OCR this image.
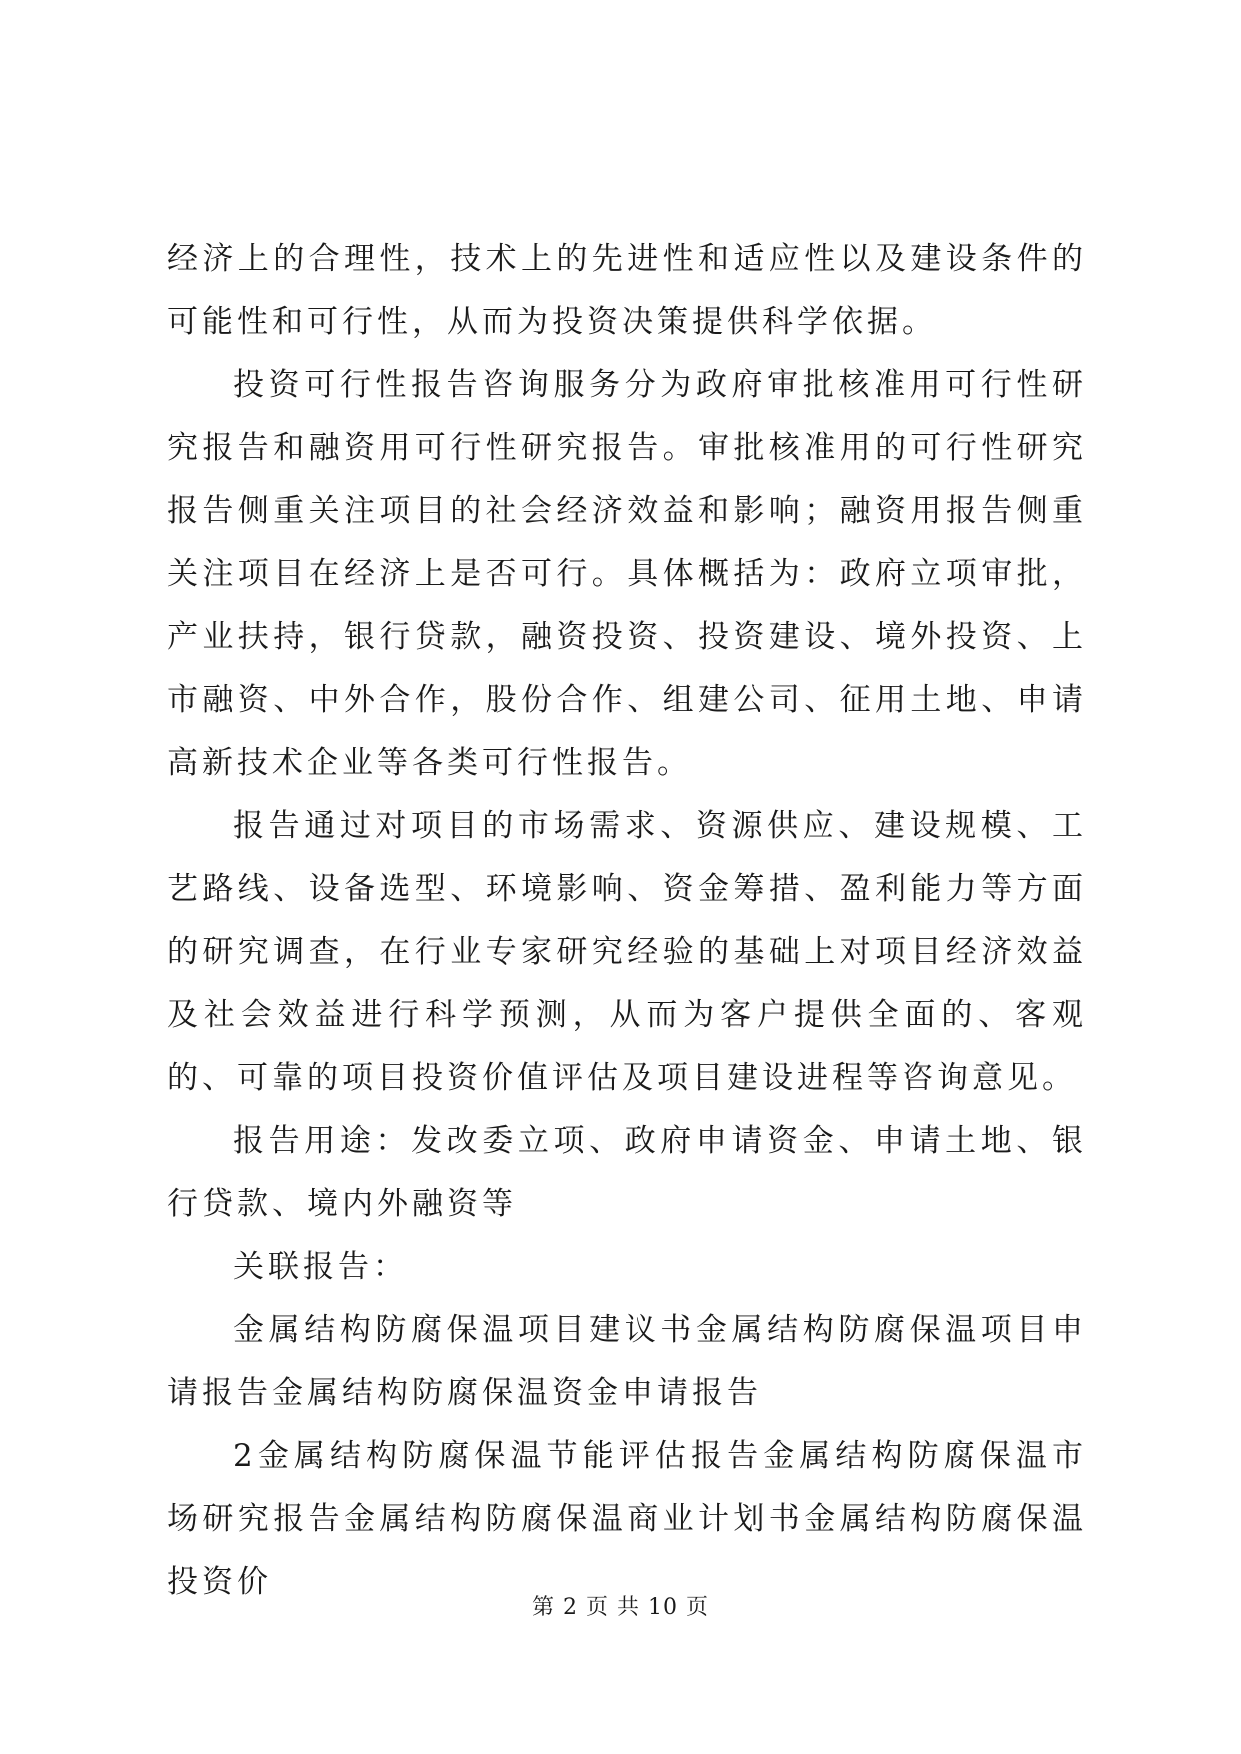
经济上的合理性，技术上的先进性和适应性以及建设条件的可能性和可行性，从而为投资决策提供科学依据。

投资可行性报告咨询服务分为政府审批核准用可行性研究报告和融资用可行性研究报告。审批核准用的可行性研究报告侧重关注项目的社会经济效益和影响；融资用报告侧重关注项目在经济上是否可行。具体概括为：政府立项审批，产业扶持，银行贷款，融资投资、投资建设、境外投资、上市融资、中外合作，股份合作、组建公司、征用土地、申请高新技术企业等各类可行性报告。

报告通过对项目的市场需求、资源供应、建设规模、工艺路线、设备选型、环境影响、资金筹措、盈利能力等方面的研究调查，在行业专家研究经验的基础上对项目经济效益及社会效益进行科学预测，从而为客户提供全面的、客观的、可靠的项目投资价值评估及项目建设进程等咨询意见。

报告用途：发改委立项、政府申请资金、申请土地、银行贷款、境内外融资等

关联报告：

金属结构防腐保温项目建议书金属结构防腐保温项目申请报告金属结构防腐保温资金申请报告

2金属结构防腐保温节能评估报告金属结构防腐保温市场研究报告金属结构防腐保温商业计划书金属结构防腐保温投资价

第 2 页 共 10 页
